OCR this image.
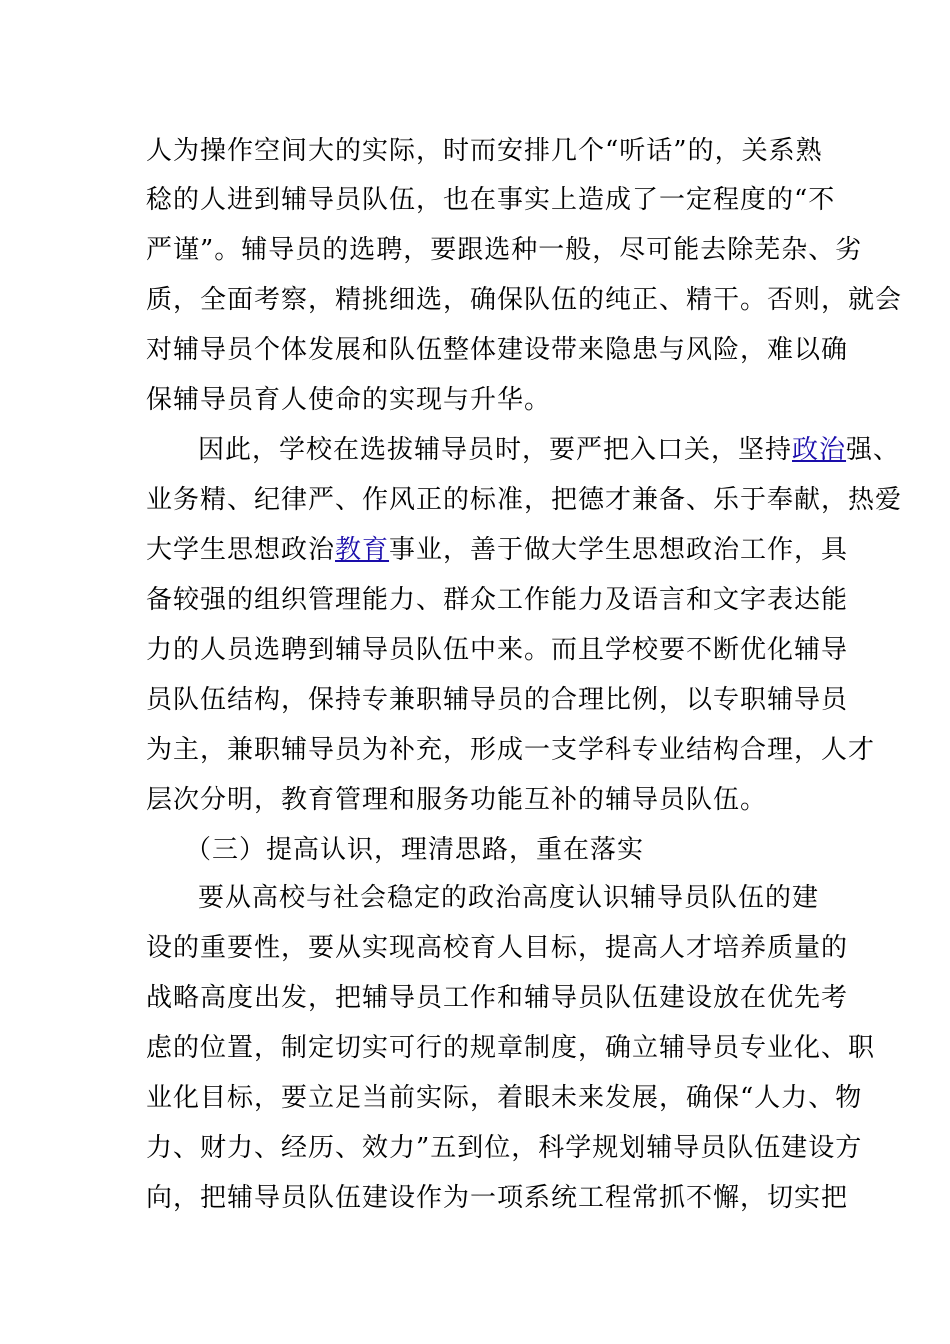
人为操作空间大的实际，时而安排几个“听话”的，关系熟
稔的人进到辅导员队伍，也在事实上造成了一定程度的“不
严谨”。辅导员的选聘，要跟选种一般，尽可能去除芜杂、劣
质，全面考察，精挑细选，确保队伍的纯正、精干。否则，就会
对辅导员个体发展和队伍整体建设带来隐患与风险，难以确
保辅导员育人使命的实现与升华。
因此，学校在选拔辅导员时，要严把入口关，坚持政治强、
业务精、纪律严、作风正的标准，把德才兼备、乐于奉献，热爱
大学生思想政治教育事业，善于做大学生思想政治工作，具
备较强的组织管理能力、群众工作能力及语言和文字表达能
力的人员选聘到辅导员队伍中来。而且学校要不断优化辅导
员队伍结构，保持专兼职辅导员的合理比例，以专职辅导员
为主，兼职辅导员为补充，形成一支学科专业结构合理，人才
层次分明，教育管理和服务功能互补的辅导员队伍。
（三）提高认识，理清思路，重在落实
要从高校与社会稳定的政治高度认识辅导员队伍的建
设的重要性，要从实现高校育人目标，提高人才培养质量的
战略高度出发，把辅导员工作和辅导员队伍建设放在优先考
虑的位置，制定切实可行的规章制度，确立辅导员专业化、职
业化目标，要立足当前实际，着眼未来发展，确保“人力、物
力、财力、经历、效力”五到位，科学规划辅导员队伍建设方
向，把辅导员队伍建设作为一项系统工程常抓不懈，切实把
